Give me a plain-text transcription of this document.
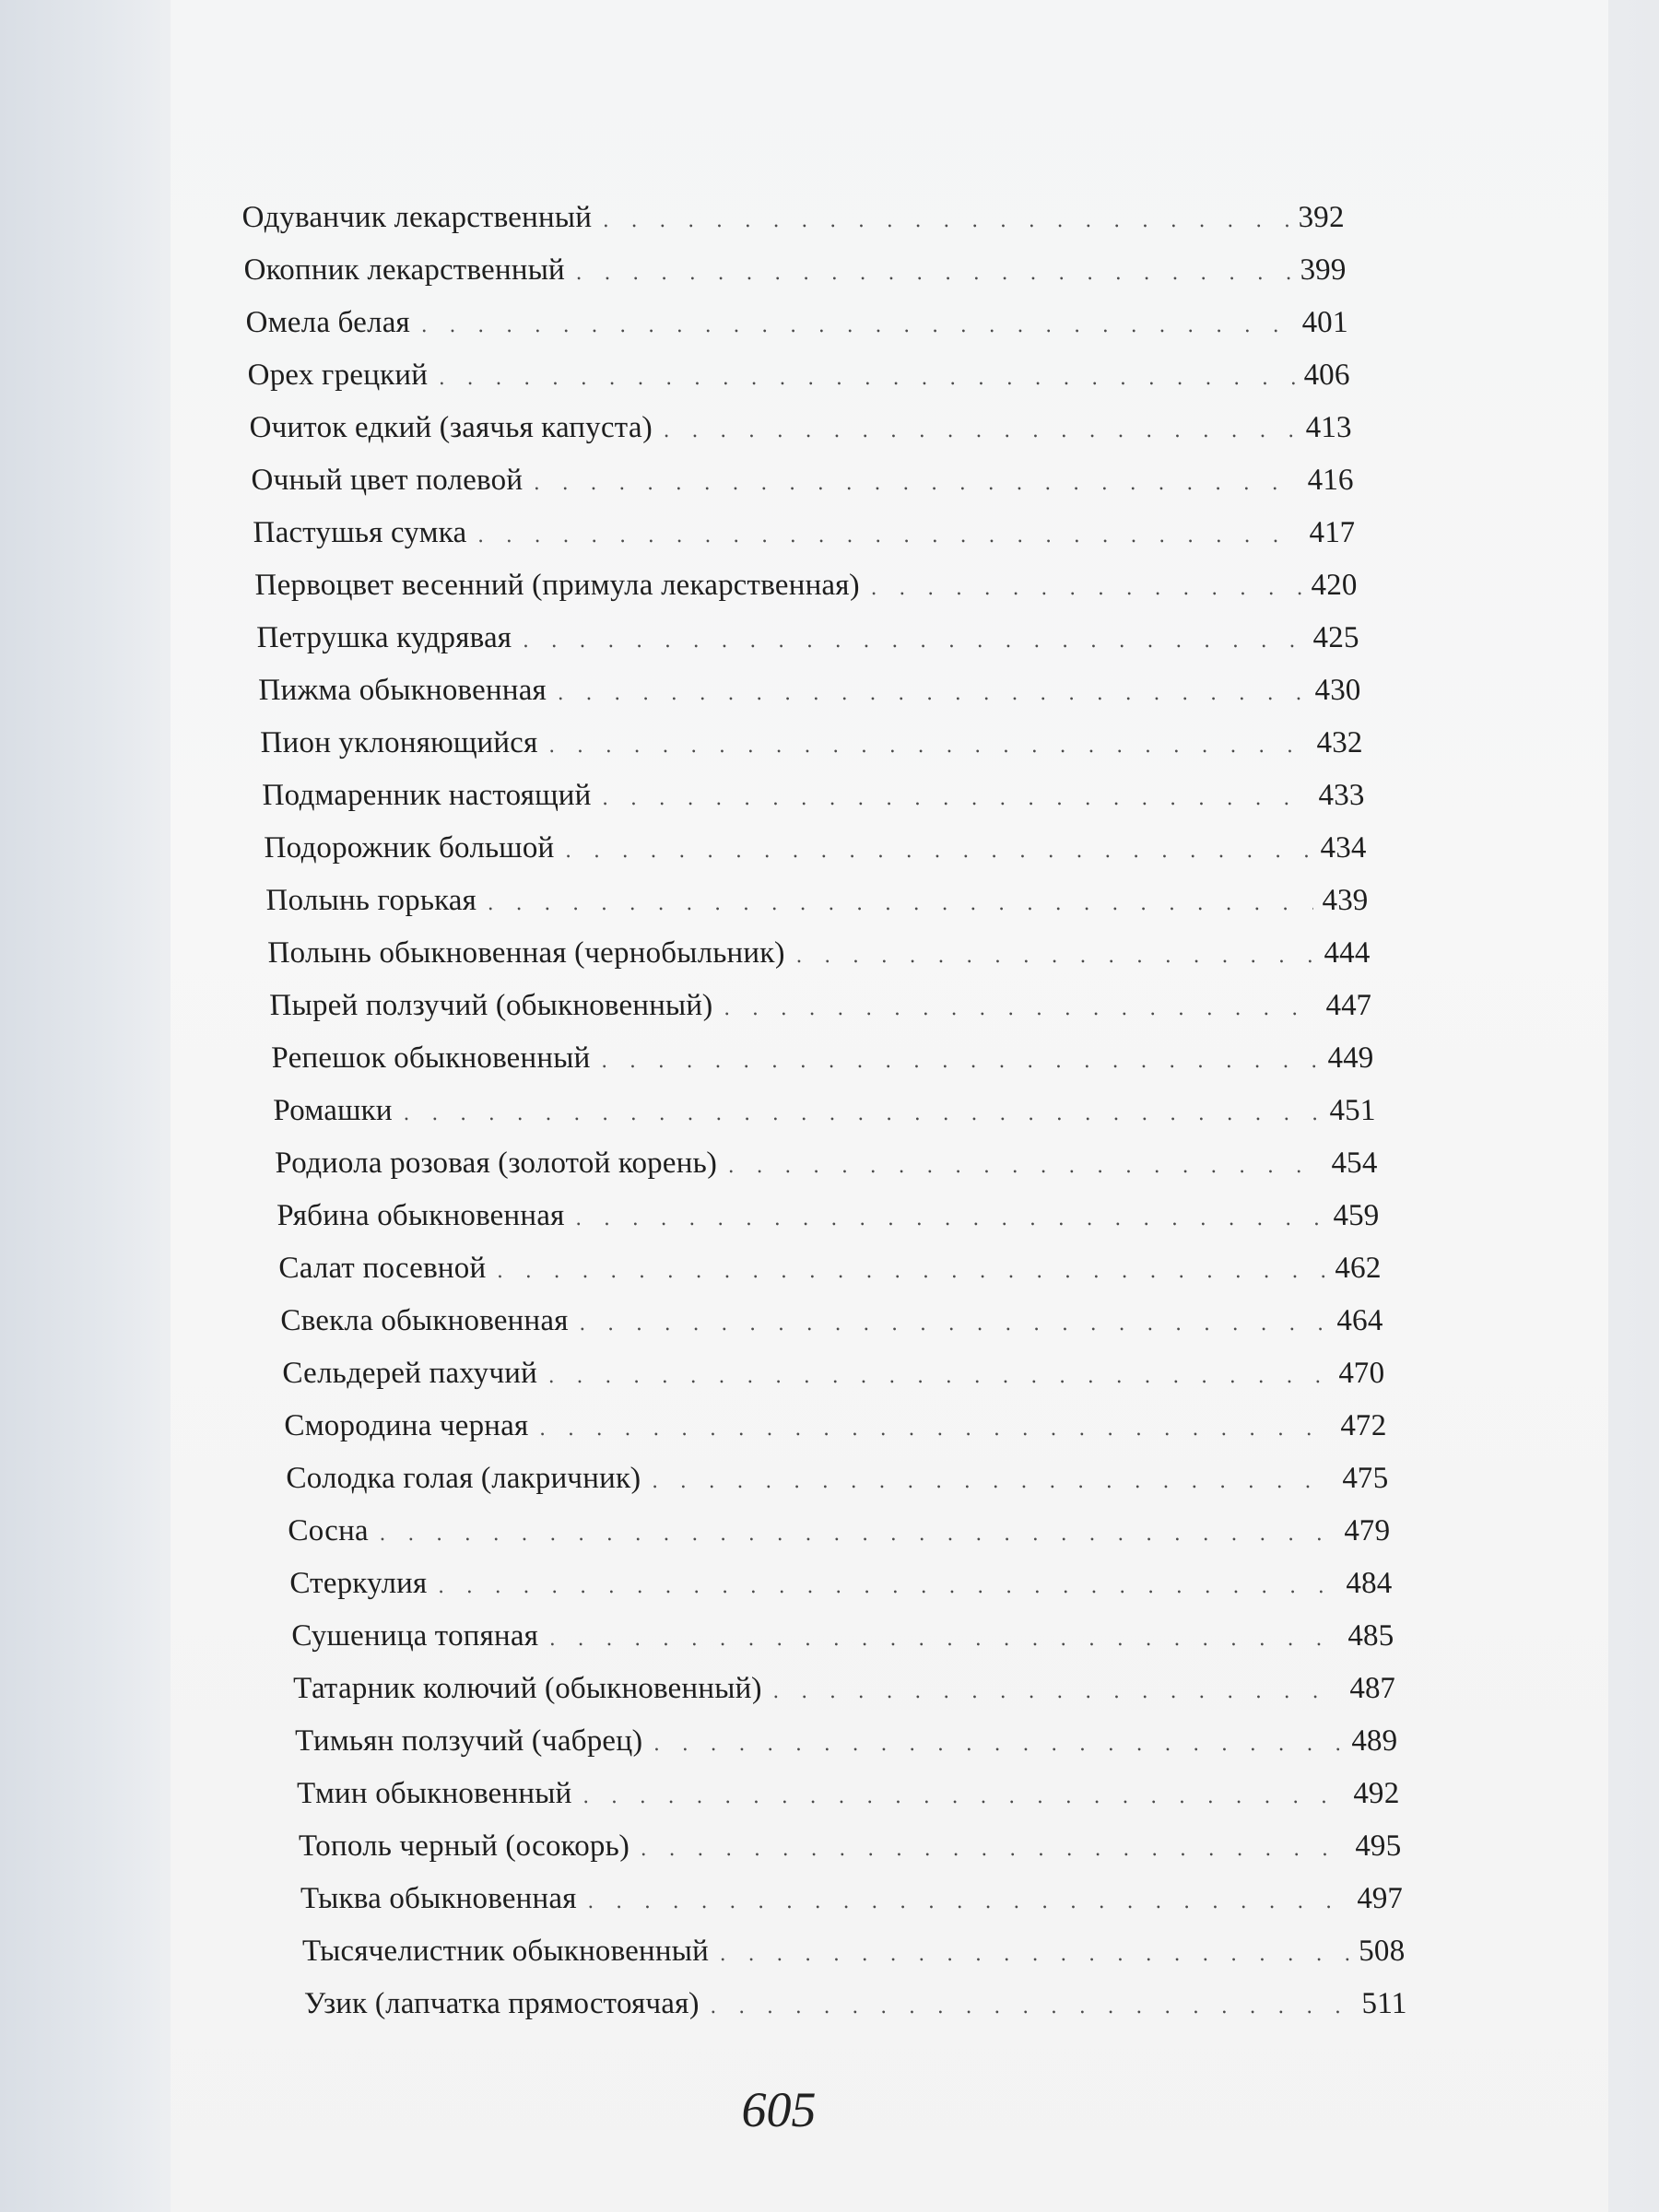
Одуванчик лекарственный . . .	392
Окопник лекарственный . . .	399
Омела белая . . .	401
Орех грецкий . . .	406
Очиток едкий (заячья капуста) . . .	413
Очный цвет полевой . . .	416
Пастушья сумка . . .	417
Первоцвет весенний (примула лекарственная) . . .	420
Петрушка кудрявая . . .	425
Пижма обыкновенная . . .	430
Пион уклоняющийся . . .	432
Подмаренник настоящий . . .	433
Подорожник большой . . .	434
Полынь горькая . . .	439
Полынь обыкновенная (чернобыльник) . . .	444
Пырей ползучий (обыкновенный) . . .	447
Репешок обыкновенный . . .	449
Ромашки . . .	451
Родиола розовая (золотой корень) . . .	454
Рябина обыкновенная . . .	459
Салат посевной . . .	462
Свекла обыкновенная . . .	464
Сельдерей пахучий . . .	470
Смородина черная . . .	472
Солодка голая (лакричник) . . .	475
Сосна . . .	479
Стеркулия . . .	484
Сушеница топяная . . .	485
Татарник колючий (обыкновенный) . . .	487
Тимьян ползучий (чабрец) . . .	489
Тмин обыкновенный . . .	492
Тополь черный (осокорь) . . .	495
Тыква обыкновенная . . .	497
Тысячелистник обыкновенный . . .	508
Узик (лапчатка прямостоячая) . . .	511
605
